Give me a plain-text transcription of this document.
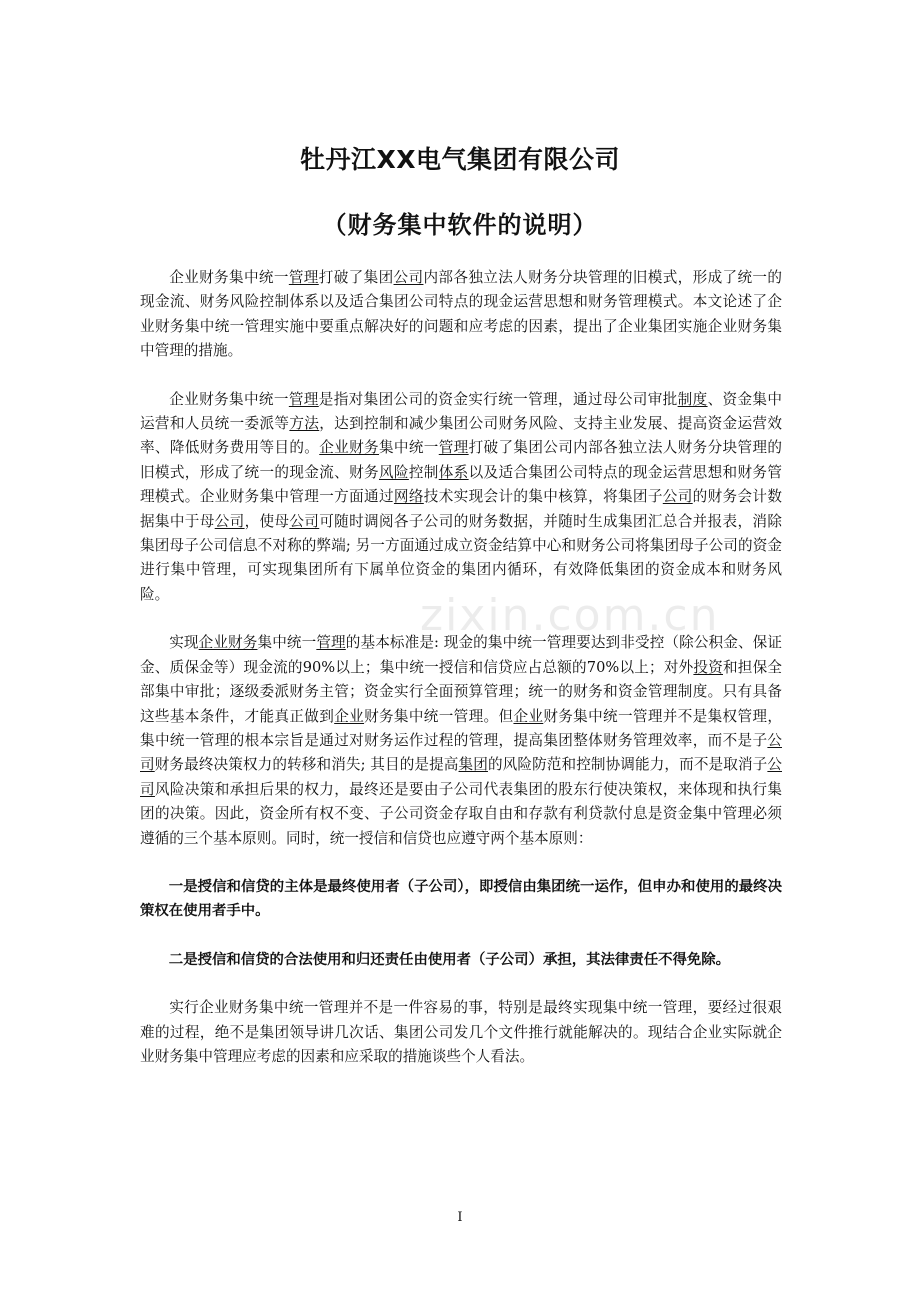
牡丹江XX电气集团有限公司
（财务集中软件的说明）
zixin.com.cn

企业财务集中统一管理打破了集团公司内部各独立法人财务分块管理的旧模式，形成了统一的现金流、财务风险控制体系以及适合集团公司特点的现金运营思想和财务管理模式。本文论述了企业财务集中统一管理实施中要重点解决好的问题和应考虑的因素，提出了企业集团实施企业财务集中管理的措施。

企业财务集中统一管理是指对集团公司的资金实行统一管理，通过母公司审批制度、资金集中运营和人员统一委派等方法，达到控制和减少集团公司财务风险、支持主业发展、提高资金运营效率、降低财务费用等目的。企业财务集中统一管理打破了集团公司内部各独立法人财务分块管理的旧模式，形成了统一的现金流、财务风险控制体系以及适合集团公司特点的现金运营思想和财务管理模式。企业财务集中管理一方面通过网络技术实现会计的集中核算，将集团子公司的财务会计数据集中于母公司，使母公司可随时调阅各子公司的财务数据，并随时生成集团汇总合并报表，消除集团母子公司信息不对称的弊端; 另一方面通过成立资金结算中心和财务公司将集团母子公司的资金进行集中管理，可实现集团所有下属单位资金的集团内循环，有效降低集团的资金成本和财务风险。

实现企业财务集中统一管理的基本标准是: 现金的集中统一管理要达到非受控（除公积金、保证金、质保金等）现金流的90%以上；集中统一授信和信贷应占总额的70%以上；对外投资和担保全部集中审批；逐级委派财务主管；资金实行全面预算管理；统一的财务和资金管理制度。只有具备这些基本条件，才能真正做到企业财务集中统一管理。但企业财务集中统一管理并不是集权管理，集中统一管理的根本宗旨是通过对财务运作过程的管理，提高集团整体财务管理效率，而不是子公司财务最终决策权力的转移和消失; 其目的是提高集团的风险防范和控制协调能力，而不是取消子公司风险决策和承担后果的权力，最终还是要由子公司代表集团的股东行使决策权，来体现和执行集团的决策。因此，资金所有权不变、子公司资金存取自由和存款有利贷款付息是资金集中管理必须遵循的三个基本原则。同时，统一授信和信贷也应遵守两个基本原则：

一是授信和信贷的主体是最终使用者（子公司），即授信由集团统一运作，但申办和使用的最终决策权在使用者手中。

二是授信和信贷的合法使用和归还责任由使用者（子公司）承担，其法律责任不得免除。

实行企业财务集中统一管理并不是一件容易的事，特别是最终实现集中统一管理，要经过很艰难的过程，绝不是集团领导讲几次话、集团公司发几个文件推行就能解决的。现结合企业实际就企业财务集中管理应考虑的因素和应采取的措施谈些个人看法。

I
